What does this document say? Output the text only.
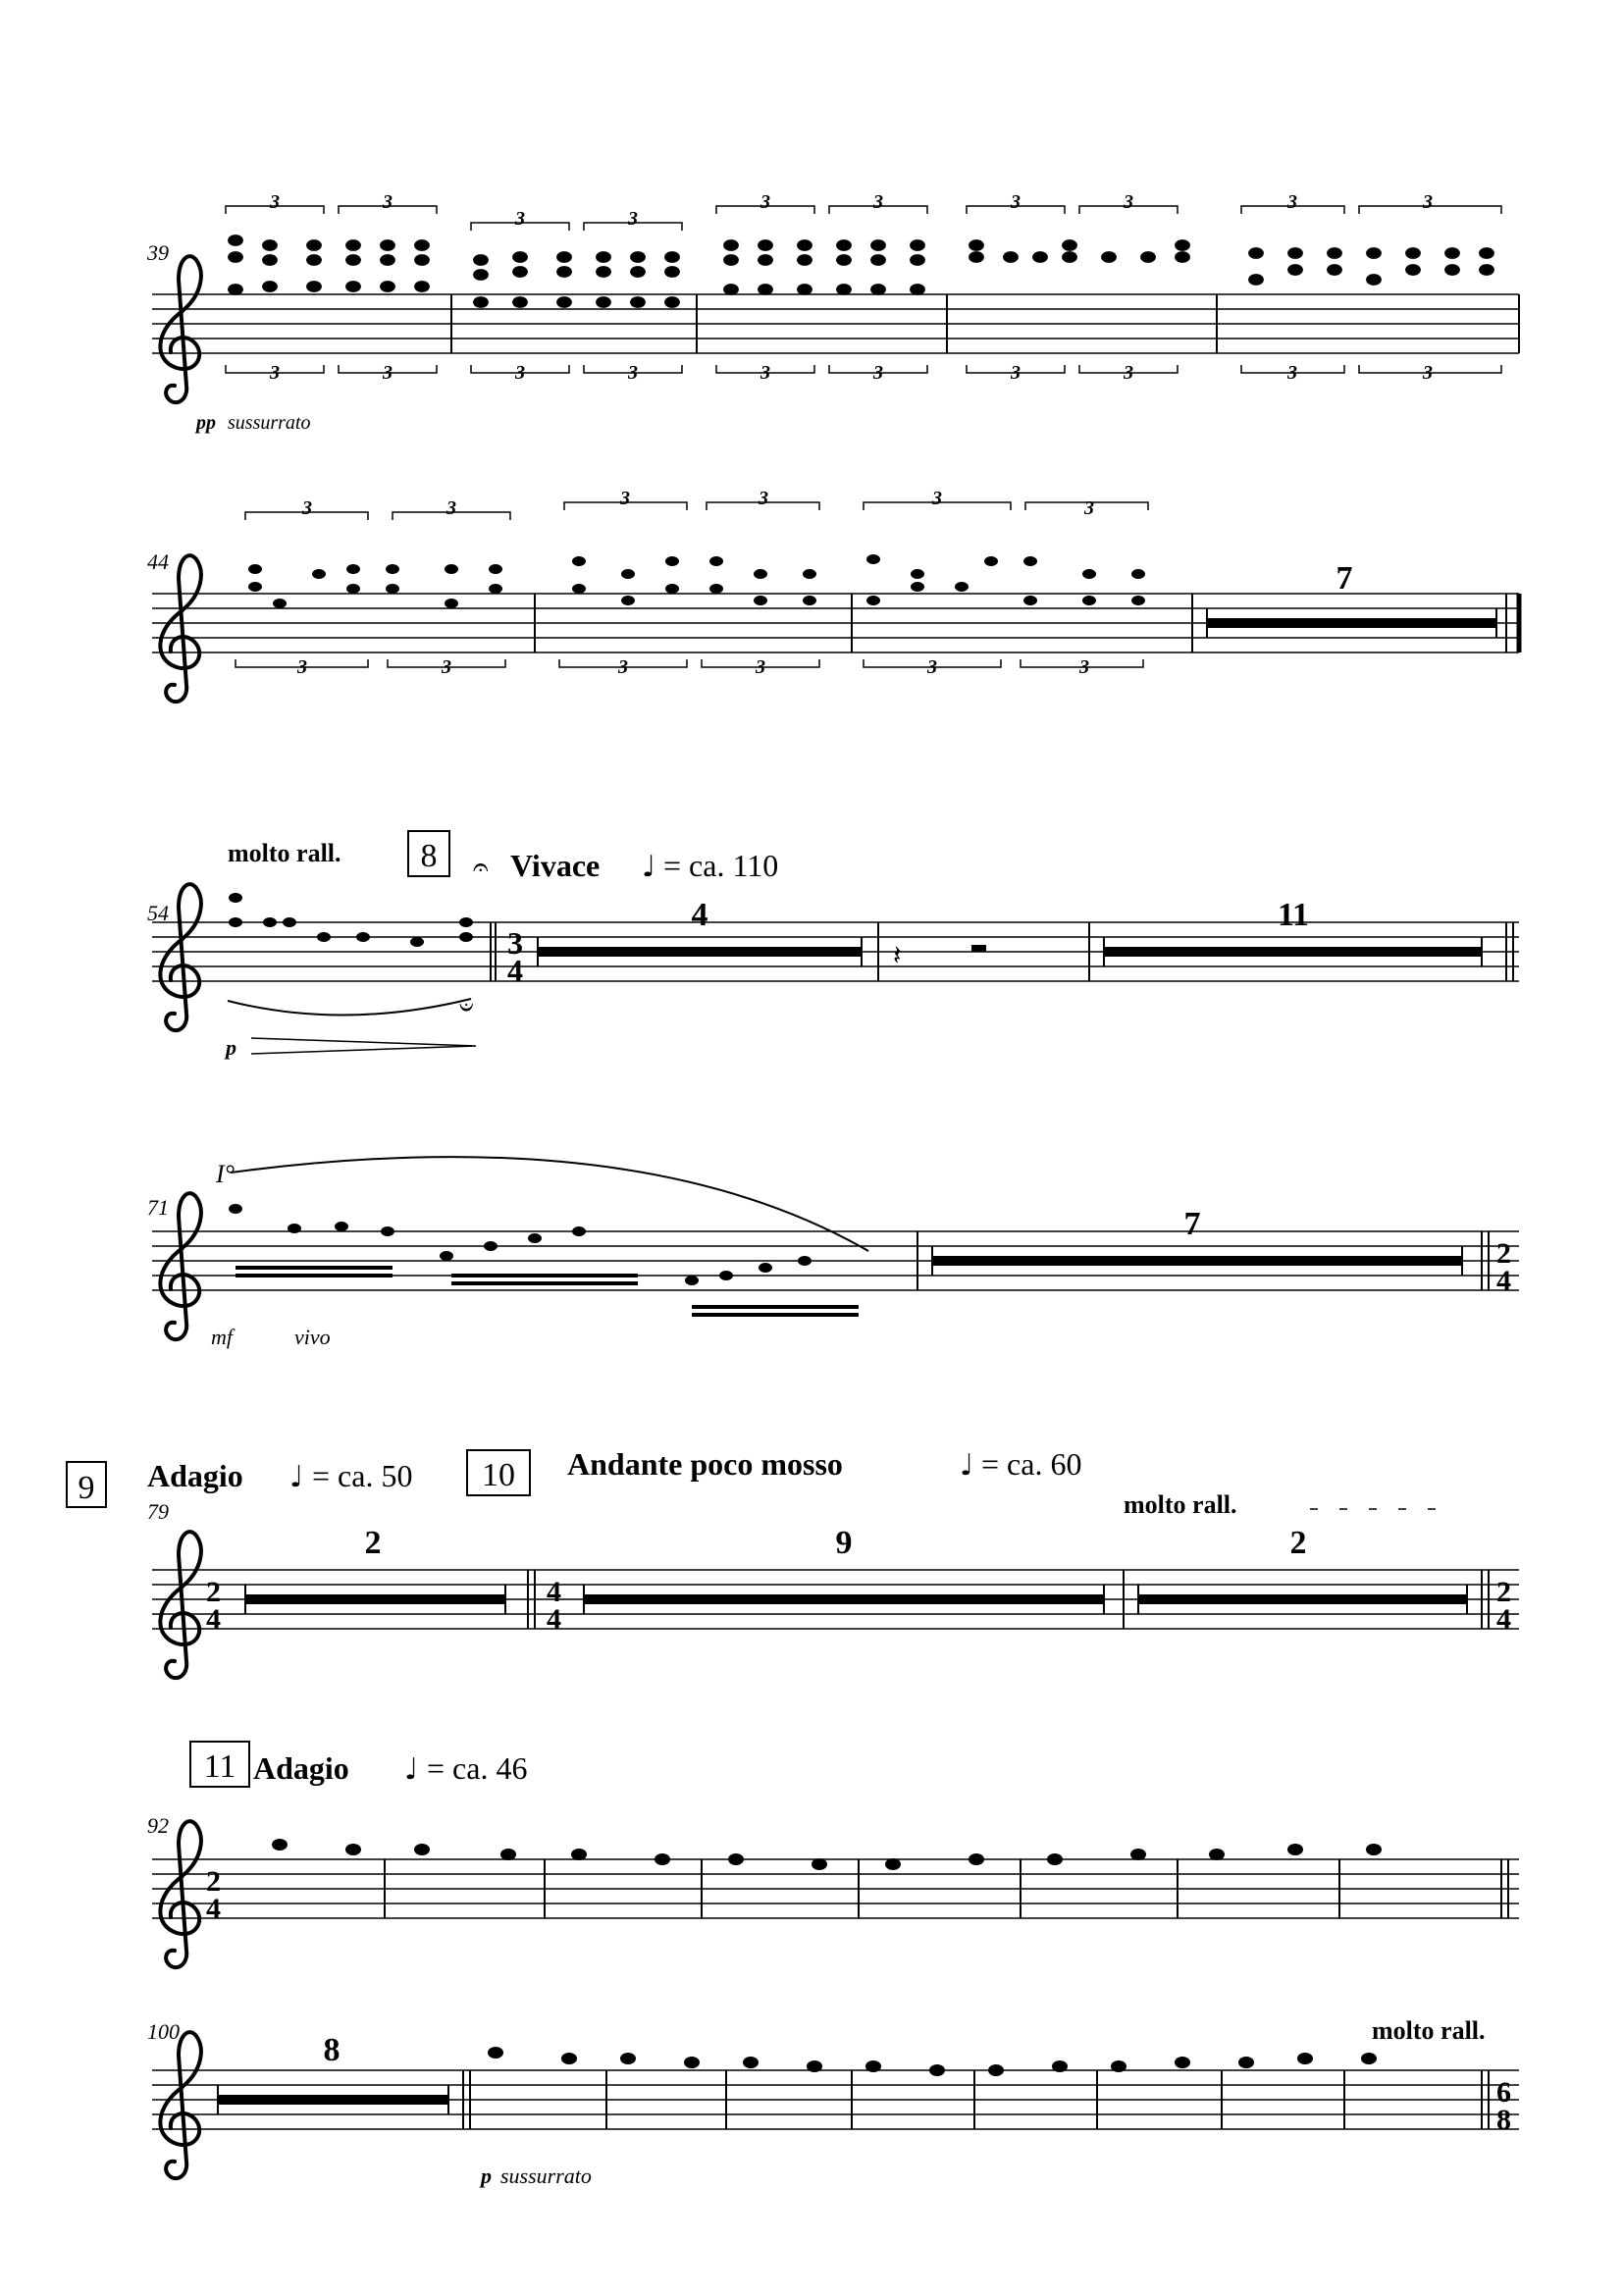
39
3	3
3	3
3	3	3	3	3	3
3	3	3	3	3	3	3	3	3	3
pp sussurrato
44
3	3	3	3	3	3
3	3	3	3	3	3
7
54
molto rall. 8 𝄐 Vivace ♩ = ca. 110
𝄑
3
4
4
𝄽
11
p
71
I°
7
2
4
mf	vivo
9 Adagio ♩ = ca. 50 10 Andante poco mosso	♩ = ca. 60
79	molto rall.
2
4
2
4
4
9	2
2
4
11 Adagio ♩ = ca. 46
92
2
4
100	molto rall.
8
6
8
p sussurrato
